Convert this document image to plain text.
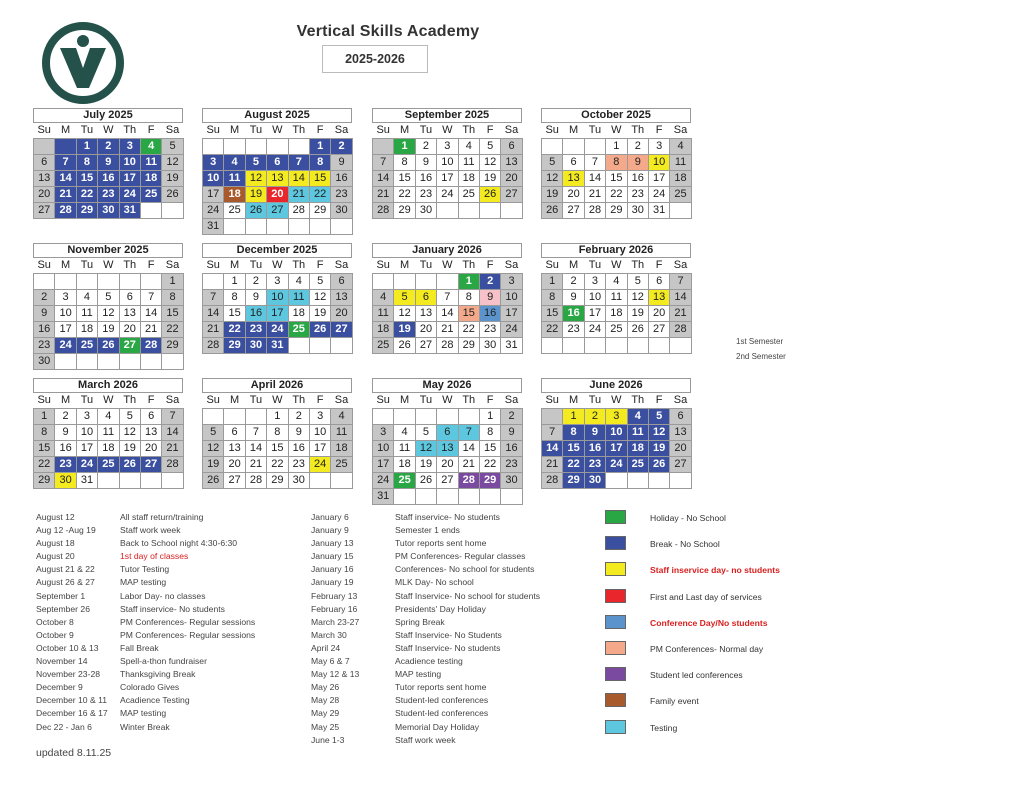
Vertical Skills Academy
2025-2026
July 2025
Su	M	Tu	W	Th	F	Sa
		1	2	3	4	5
6	7	8	9	10	11	12
13	14	15	16	17	18	19
20	21	22	23	24	25	26
27	28	29	30	31		
August 2025
Su	M	Tu	W	Th	F	Sa
					1	2
3	4	5	6	7	8	9
10	11	12	13	14	15	16
17	18	19	20	21	22	23
24	25	26	27	28	29	30
31						
September 2025
Su	M	Tu	W	Th	F	Sa
	1	2	3	4	5	6
7	8	9	10	11	12	13
14	15	16	17	18	19	20
21	22	23	24	25	26	27
28	29	30				
October 2025
Su	M	Tu	W	Th	F	Sa
			1	2	3	4
5	6	7	8	9	10	11
12	13	14	15	16	17	18
19	20	21	22	23	24	25
26	27	28	29	30	31	
November 2025
Su	M	Tu	W	Th	F	Sa
						1
2	3	4	5	6	7	8
9	10	11	12	13	14	15
16	17	18	19	20	21	22
23	24	25	26	27	28	29
30						
December 2025
Su	M	Tu	W	Th	F	Sa
	1	2	3	4	5	6
7	8	9	10	11	12	13
14	15	16	17	18	19	20
21	22	23	24	25	26	27
28	29	30	31			
January 2026
Su	M	Tu	W	Th	F	Sa
				1	2	3
4	5	6	7	8	9	10
11	12	13	14	15	16	17
18	19	20	21	22	23	24
25	26	27	28	29	30	31
February 2026
Su	M	Tu	W	Th	F	Sa
1	2	3	4	5	6	7
8	9	10	11	12	13	14
15	16	17	18	19	20	21
22	23	24	25	26	27	28

March 2026
Su	M	Tu	W	Th	F	Sa
1	2	3	4	5	6	7
8	9	10	11	12	13	14
15	16	17	18	19	20	21
22	23	24	25	26	27	28
29	30	31				
April 2026
Su	M	Tu	W	Th	F	Sa
			1	2	3	4
5	6	7	8	9	10	11
12	13	14	15	16	17	18
19	20	21	22	23	24	25
26	27	28	29	30		
May 2026
Su	M	Tu	W	Th	F	Sa
					1	2
3	4	5	6	7	8	9
10	11	12	13	14	15	16
17	18	19	20	21	22	23
24	25	26	27	28	29	30
31						
June 2026
Su	M	Tu	W	Th	F	Sa
	1	2	3	4	5	6
7	8	9	10	11	12	13
14	15	16	17	18	19	20
21	22	23	24	25	26	27
28	29	30				
1st Semester
2nd Semester
August 12	All staff return/training
Aug 12 -Aug 19	Staff work week
August 18	Back to School night 4:30-6:30
August 20	1st day of classes
August 21 & 22	Tutor Testing
August 26 & 27	MAP testing
September 1	Labor Day- no classes
September 26	Staff inservice- No students
October 8	PM Conferences- Regular sessions
October 9	PM Conferences- Regular sessions
October 10 & 13 Fall Break
November 14	Spell-a-thon fundraiser
November 23-28 Thanksgiving Break
December 9	Colorado Gives
December 10 & 11 Acadience Testing
December 16 & 17 MAP testing
Dec 22 - Jan 6	Winter Break
January 6	Staff inservice- No students
January 9	Semester 1 ends
January 13	Tutor reports sent home
January 15	PM Conferences- Regular classes
January 16	Conferences- No school for students
January 19	MLK Day- No school
February 13	Staff Inservice- No school for students
February 16	Presidents' Day Holiday
March 23-27	Spring Break
March 30	Staff Inservice- No Students
April 24	Staff Inservice- No students
May 6 & 7	Acadience testing
May 12 & 13	MAP testing
May 26	Tutor reports sent home
May 28	Student-led conferences
May 29	Student-led conferences
May 25	Memorial Day Holiday
June 1-3	Staff work week
Holiday - No School
Break - No School
Staff inservice day- no students
First and Last day of services
Conference Day/No students
PM Conferences- Normal day
Student led conferences
Family event
Testing
updated 8.11.25
